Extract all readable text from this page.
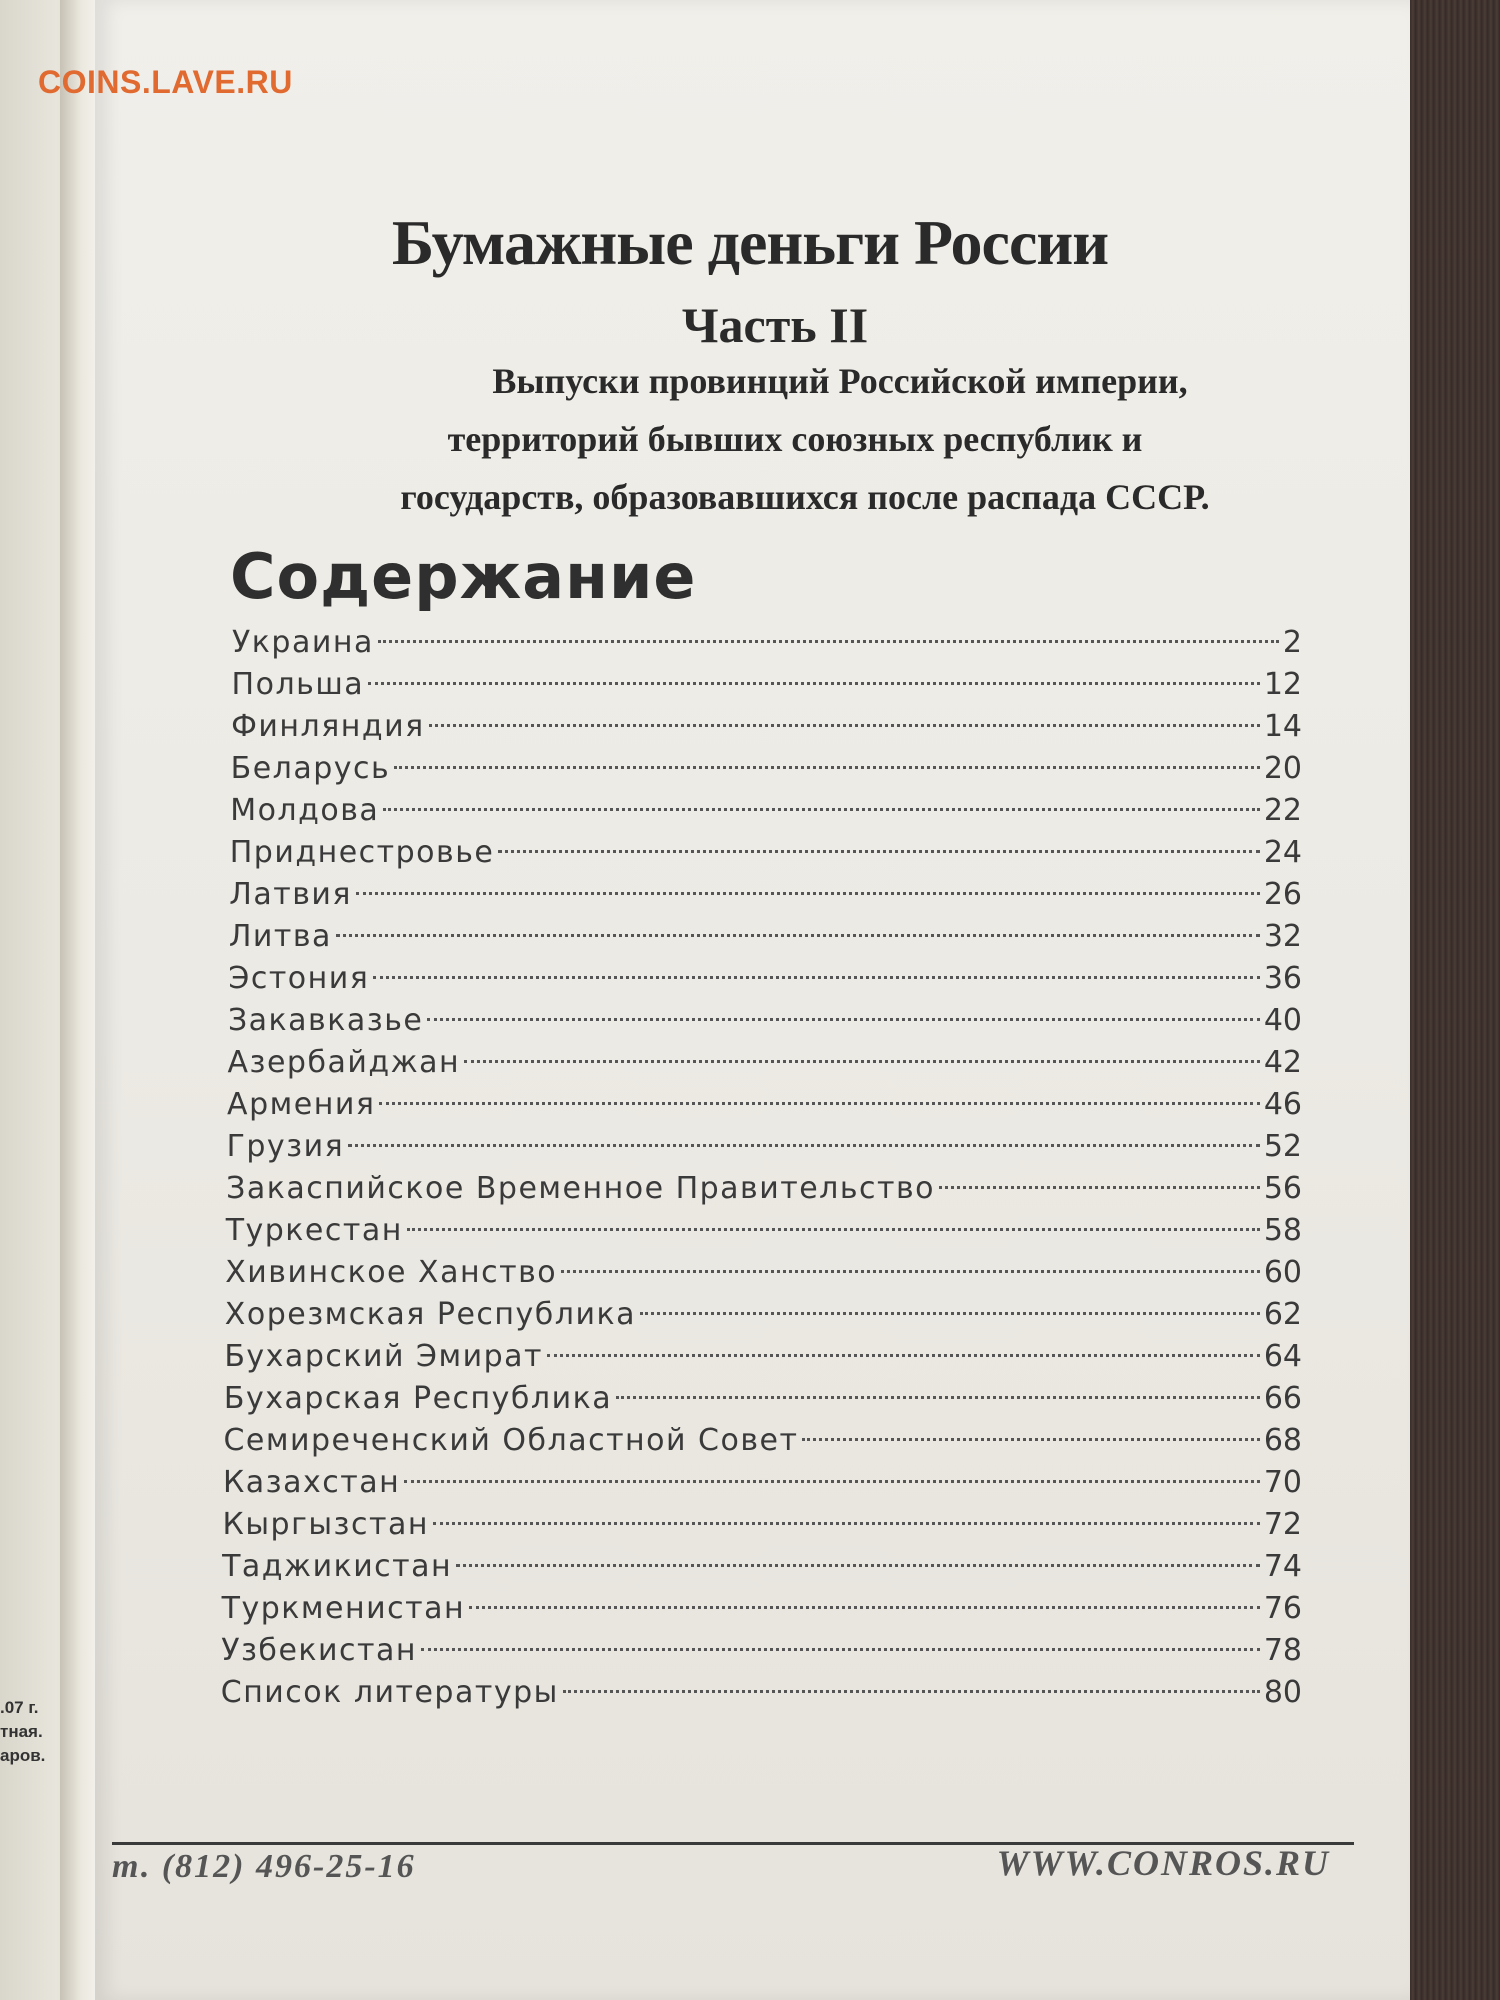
.07 г.
тная.
аров.
COINS.LAVE.RU
Бумажные деньги России
Часть II
Выпуски провинций Российской империи,
территорий бывших союзных республик и
государств, образовавшихся после распада СССР.
Содержание
Украина	2
Польша	12
Финляндия	14
Беларусь	20
Молдова	22
Приднестровье	24
Латвия	26
Литва	32
Эстония	36
Закавказье	40
Азербайджан	42
Армения	46
Грузия	52
Закаспийское Временное Правительство	56
Туркестан	58
Хивинское Ханство	60
Хорезмская Республика	62
Бухарский Эмират	64
Бухарская Республика	66
Семиреченский Областной Совет	68
Казахстан	70
Кыргызстан	72
Таджикистан	74
Туркменистан	76
Узбекистан	78
Список литературы	80
т. (812) 496-25-16	WWW.CONROS.RU
